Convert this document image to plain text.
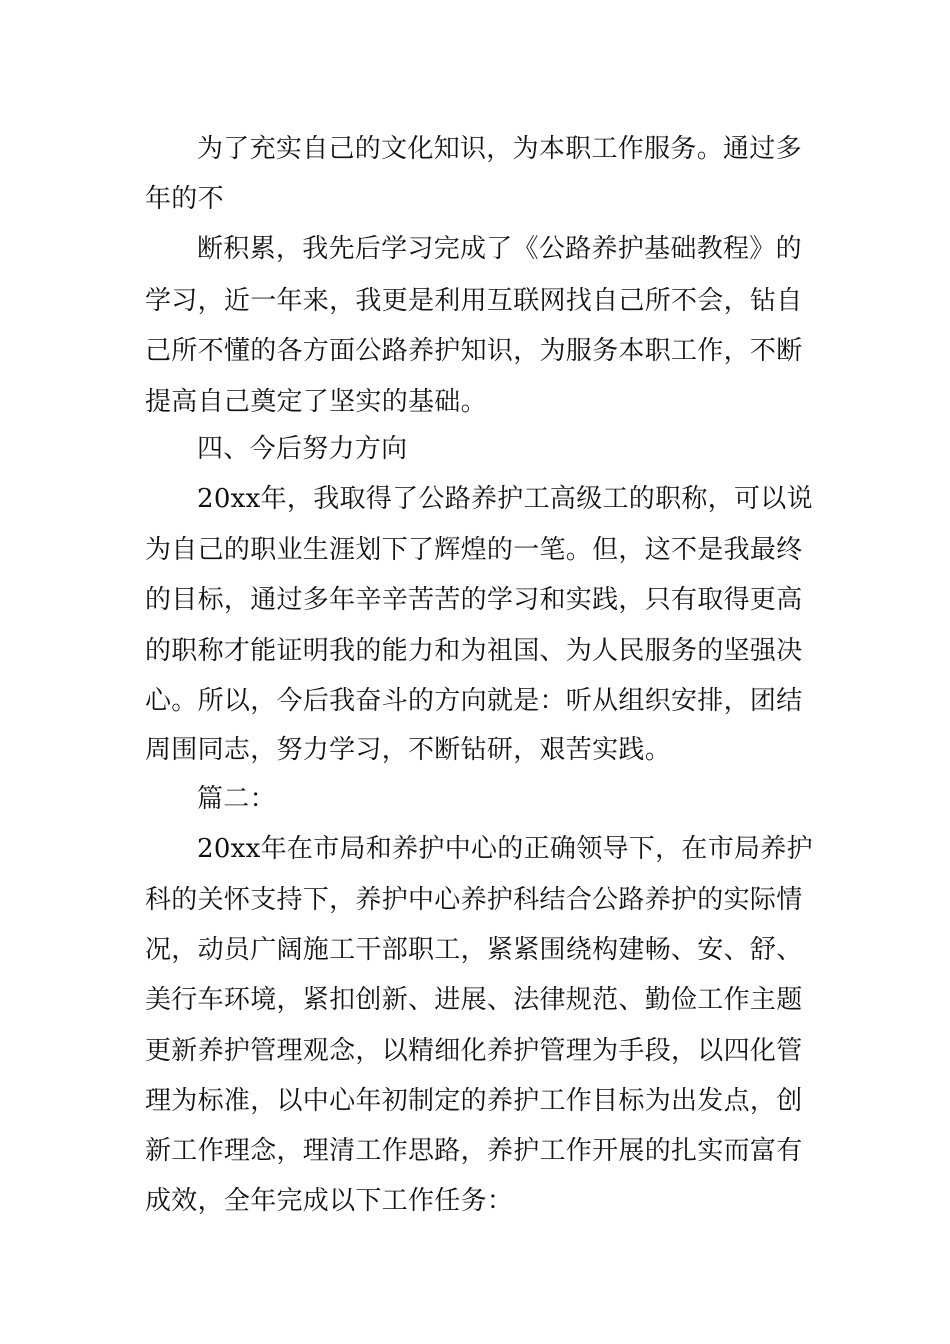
为了充实自己的文化知识，为本职工作服务。通过多
年的不
断积累，我先后学习完成了《公路养护基础教程》的
学习，近一年来，我更是利用互联网找自己所不会，钻自
己所不懂的各方面公路养护知识，为服务本职工作，不断
提高自己奠定了坚实的基础。
四、今后努力方向
20xx年，我取得了公路养护工高级工的职称，可以说
为自己的职业生涯划下了辉煌的一笔。但，这不是我最终
的目标，通过多年辛辛苦苦的学习和实践，只有取得更高
的职称才能证明我的能力和为祖国、为人民服务的坚强决
心。所以，今后我奋斗的方向就是：听从组织安排，团结
周围同志，努力学习，不断钻研，艰苦实践。
篇二：
20xx年在市局和养护中心的正确领导下，在市局养护
科的关怀支持下，养护中心养护科结合公路养护的实际情
况，动员广阔施工干部职工，紧紧围绕构建畅、安、舒、
美行车环境，紧扣创新、进展、法律规范、勤俭工作主题
更新养护管理观念，以精细化养护管理为手段，以四化管
理为标准，以中心年初制定的养护工作目标为出发点，创
新工作理念，理清工作思路，养护工作开展的扎实而富有
成效，全年完成以下工作任务：
